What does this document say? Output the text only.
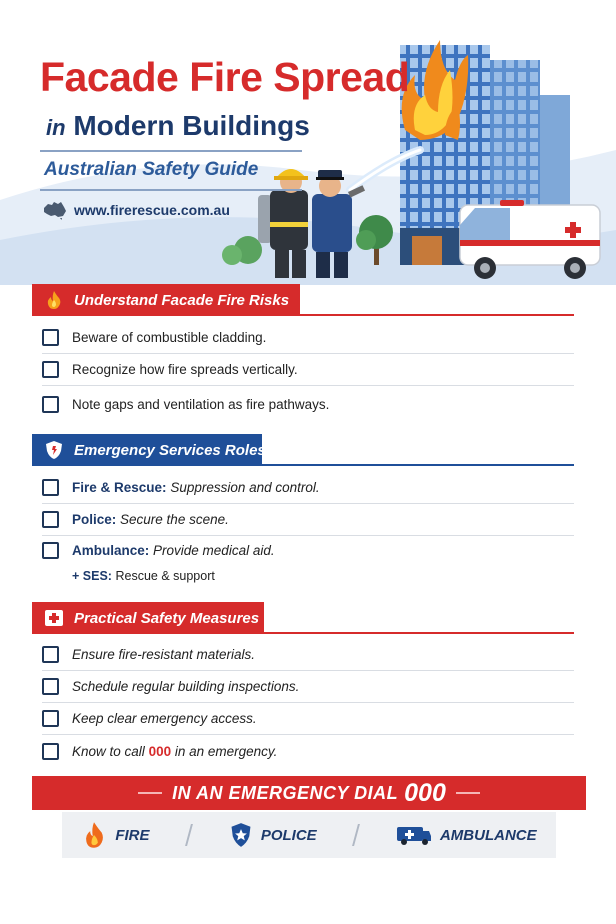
Facade Fire Spread
in Modern Buildings
Australian Safety Guide
www.firerescue.com.au
Understand Facade Fire Risks
Beware of combustible cladding.
Recognize how fire spreads vertically.
Note gaps and ventilation as fire pathways.
Emergency Services Roles
Fire & Rescue: Suppression and control.
Police: Secure the scene.
Ambulance: Provide medical aid.
+ SES: Rescue & support
Practical Safety Measures
Ensure fire-resistant materials.
Schedule regular building inspections.
Keep clear emergency access.
Know to call 000 in an emergency.
IN AN EMERGENCY DIAL 000
FIRE	POLICE	AMBULANCE
